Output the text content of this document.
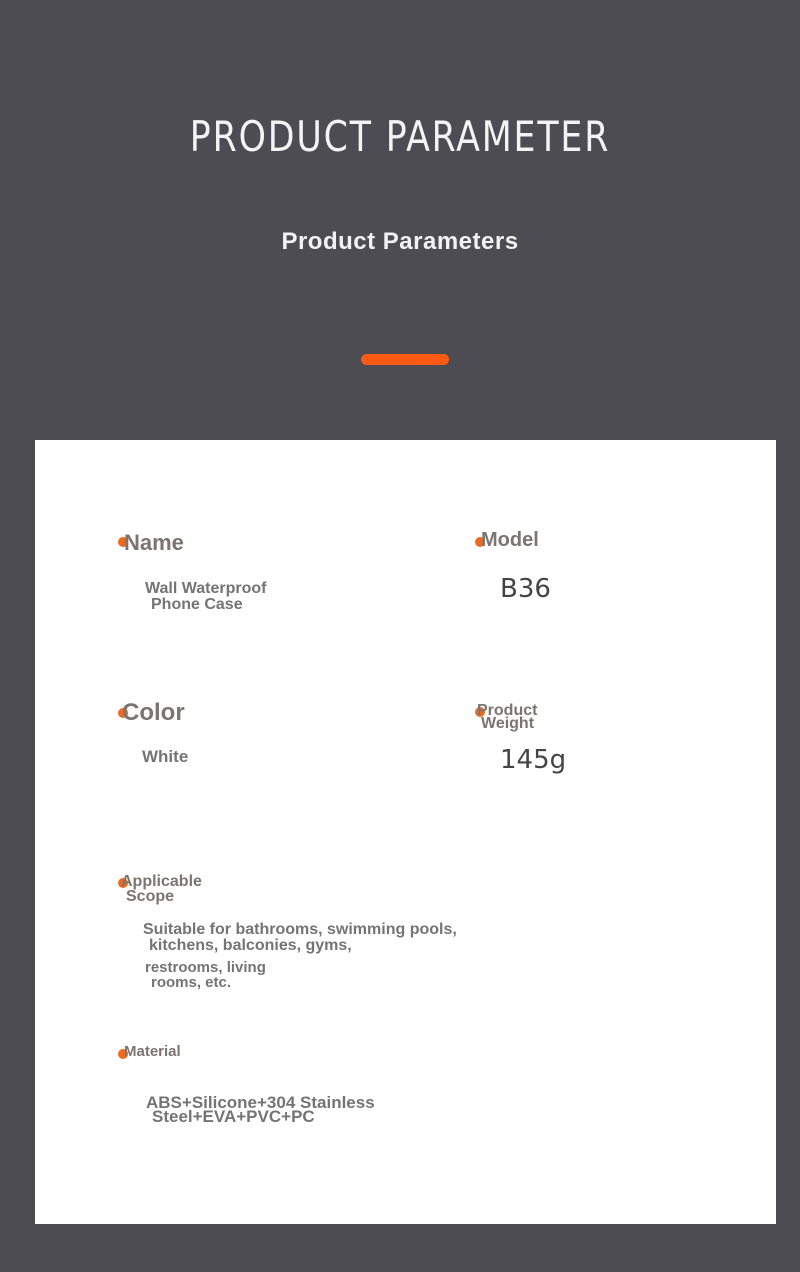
PRODUCT PARAMETER
Product Parameters
Name
Wall Waterproof
Phone Case
Model
B36
Color
White
Product
Weight
145g
Applicable
Scope
Suitable for bathrooms, swimming pools,
kitchens, balconies, gyms,
restrooms, living
rooms, etc.
Material
ABS+Silicone+304 Stainless
Steel+EVA+PVC+PC
